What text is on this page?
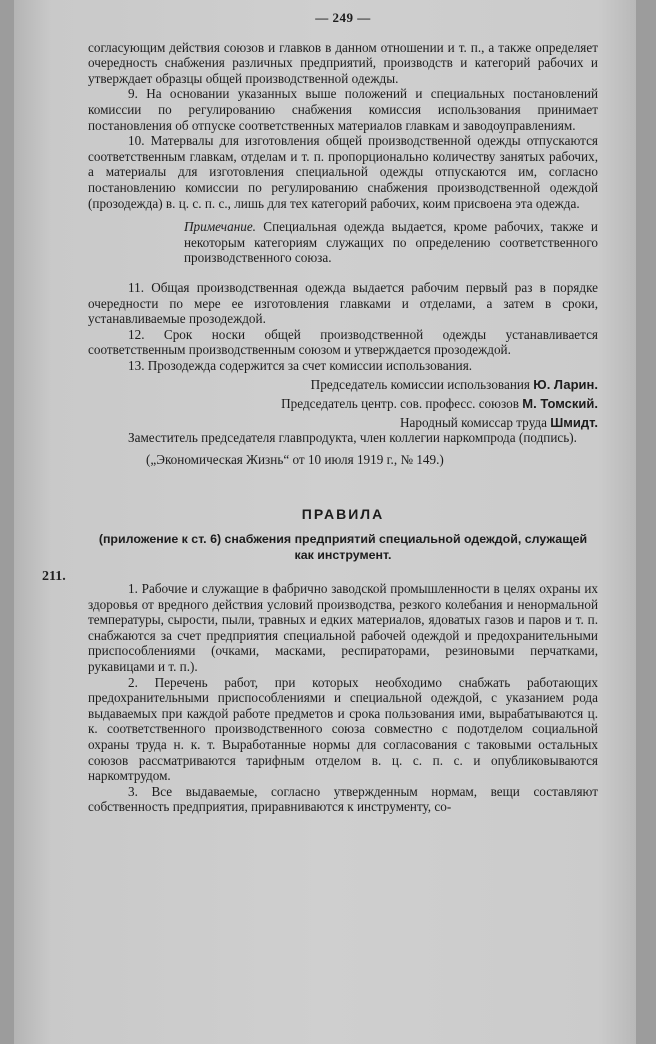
211.
— 249 —

согласующим действия союзов и главков в данном отношении и т. п., а также определяет очередность снабжения различных предприятий, производств и категорий рабочих и утверждает образцы общей производственной одежды.

9. На основании указанных выше положений и специальных постановлений комиссии по регулированию снабжения комиссия использования принимает постановления об отпуске соответственных материалов главкам и заводоуправлениям.

10. Матервалы для изготовления общей производственной одежды отпускаются соответственным главкам, отделам и т. п. пропорционально количеству занятых рабочих, а материалы для изготовления специальной одежды отпускаются им, согласно постановлению комиссии по регулированию снабжения производственной одеждой (прозодежда) в. ц. с. п. с., лишь для тех категорий рабочих, коим присвоена эта одежда.

Примечание. Специальная одежда выдается, кроме рабочих, также и некоторым категориям служащих по определению соответственного производственного союза.

11. Общая производственная одежда выдается рабочим первый раз в порядке очередности по мере ее изготовления главками и отделами, а затем в сроки, устанавливаемые прозодеждой.

12. Срок носки общей производственной одежды устанавливается соответственным производственным союзом и утверждается прозодеждой.

13. Прозодежда содержится за счет комиссии использования.

Председатель комиссии использования Ю. Ларин.

Председатель центр. сов. професс. союзов М. Томский.

Народный комиссар труда Шмидт.

Заместитель председателя главпродукта, член коллегии наркомпрода (подпись).

(„Экономическая Жизнь“ от 10 июля 1919 г., № 149.)

ПРАВИЛА
(приложение к ст. 6) снабжения предприятий специальной одеждой, служащей как инструмент.

1. Рабочие и служащие в фабрично заводской промышленности в целях охраны их здоровья от вредного действия условий производства, резкого колебания и ненормальной температуры, сырости, пыли, травных и едких материалов, ядоватых газов и паров и т. п. снабжаются за счет предприятия специальной рабочей одеждой и предохранительными приспособлениями (очками, масками, респираторами, резиновыми перчатками, рукавицами и т. п.).

2. Перечень работ, при которых необходимо снабжать работающих предохранительными приспособлениями и специальной одеждой, с указанием рода выдаваемых при каждой работе предметов и срока пользования ими, вырабатываются ц. к. соответственного производственного союза совместно с подотделом социальной охраны труда н. к. т. Выработанные нормы для согласования с таковыми остальных союзов рассматриваются тарифным отделом в. ц. с. п. с. и опубликовываются наркомтрудом.

3. Все выдаваемые, согласно утвержденным нормам, вещи составляют собственность предприятия, приравниваются к инструменту, со-
